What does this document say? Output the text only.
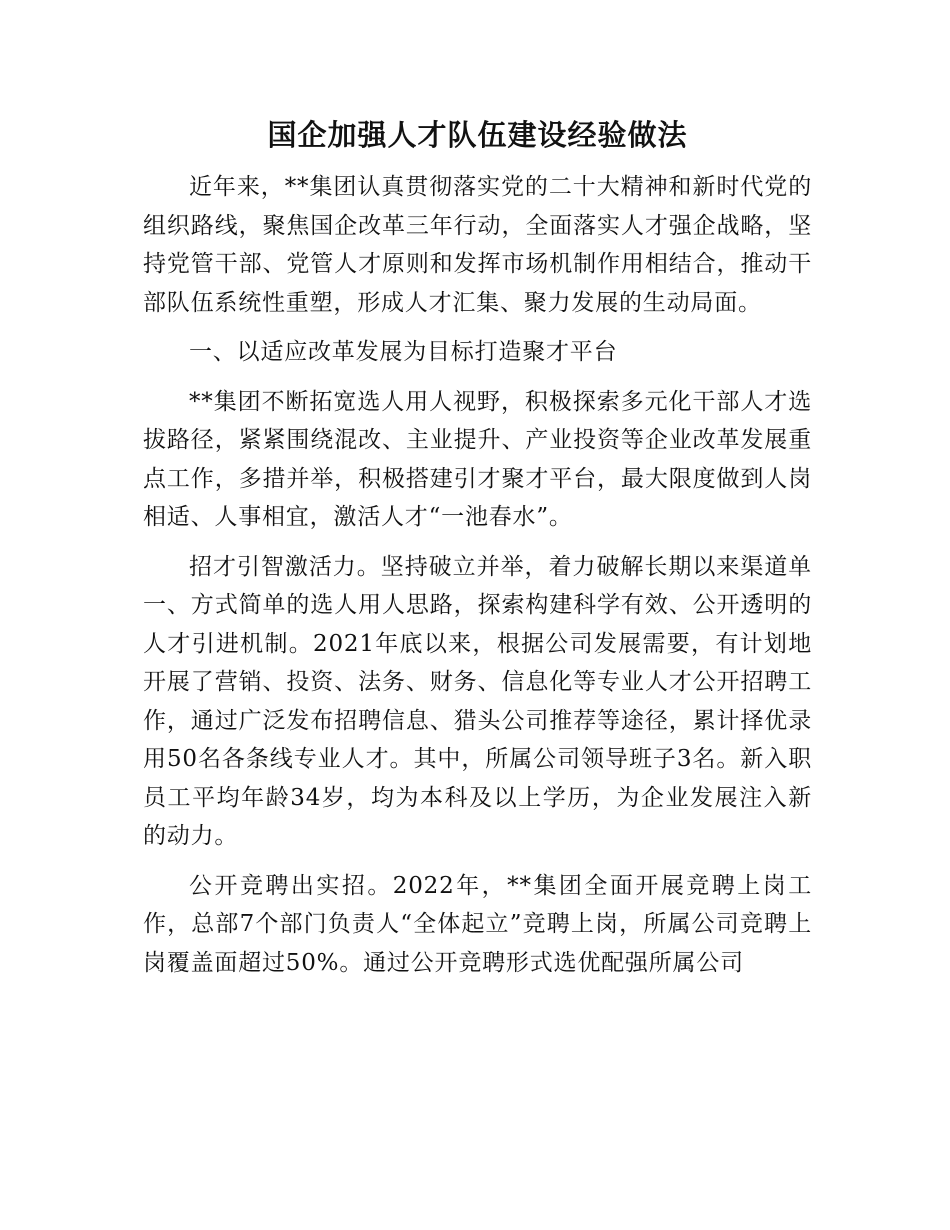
国企加强人才队伍建设经验做法

近年来，**集团认真贯彻落实党的二十大精神和新时代党的组织路线，聚焦国企改革三年行动，全面落实人才强企战略，坚持党管干部、党管人才原则和发挥市场机制作用相结合，推动干部队伍系统性重塑，形成人才汇集、聚力发展的生动局面。

一、以适应改革发展为目标打造聚才平台

**集团不断拓宽选人用人视野，积极探索多元化干部人才选拔路径，紧紧围绕混改、主业提升、产业投资等企业改革发展重点工作，多措并举，积极搭建引才聚才平台，最大限度做到人岗相适、人事相宜，激活人才“一池春水”。

招才引智激活力。坚持破立并举，着力破解长期以来渠道单一、方式简单的选人用人思路，探索构建科学有效、公开透明的人才引进机制。2021年底以来，根据公司发展需要，有计划地开展了营销、投资、法务、财务、信息化等专业人才公开招聘工作，通过广泛发布招聘信息、猎头公司推荐等途径，累计择优录用50名各条线专业人才。其中，所属公司领导班子3名。新入职员工平均年龄34岁，均为本科及以上学历，为企业发展注入新的动力。

公开竞聘出实招。2022年，**集团全面开展竞聘上岗工作，总部7个部门负责人“全体起立”竞聘上岗，所属公司竞聘上岗覆盖面超过50%。通过公开竞聘形式选优配强所属公司
